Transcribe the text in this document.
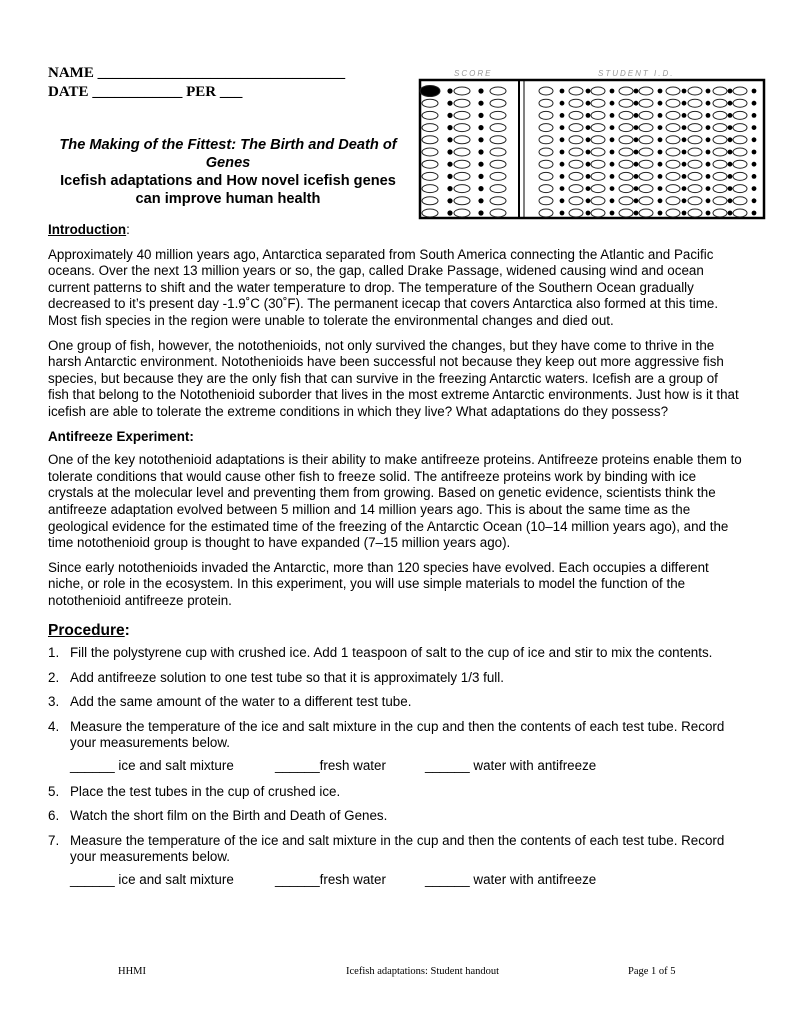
NAME _________________________________
DATE ____________ PER ___
The Making of the Fittest: The Birth and Death of Genes
Icefish adaptations and How novel icefish genes can improve human health
SCORE	STUDENT I.D.

Introduction:

Approximately 40 million years ago, Antarctica separated from South America connecting the Atlantic and Pacific oceans. Over the next 13 million years or so, the gap, called Drake Passage, widened causing wind and ocean current patterns to shift and the water temperature to drop. The temperature of the Southern Ocean gradually decreased to it’s present day -1.9˚C (30˚F). The permanent icecap that covers Antarctica also formed at this time. Most fish species in the region were unable to tolerate the environmental changes and died out.

One group of fish, however, the notothenioids, not only survived the changes, but they have come to thrive in the harsh Antarctic environment. Notothenioids have been successful not because they keep out more aggressive fish species, but because they are the only fish that can survive in the freezing Antarctic waters. Icefish are a group of fish that belong to the Notothenioid suborder that lives in the most extreme Antarctic environments. Just how is it that icefish are able to tolerate the extreme conditions in which they live? What adaptations do they possess?

Antifreeze Experiment:

One of the key notothenioid adaptations is their ability to make antifreeze proteins. Antifreeze proteins enable them to tolerate conditions that would cause other fish to freeze solid. The antifreeze proteins work by binding with ice crystals at the molecular level and preventing them from growing. Based on genetic evidence, scientists think the antifreeze adaptation evolved between 5 million and 14 million years ago. This is about the same time as the geological evidence for the estimated time of the freezing of the Antarctic Ocean (10–14 million years ago), and the time notothenioid group is thought to have expanded (7–15 million years ago).

Since early notothenioids invaded the Antarctic, more than 120 species have evolved. Each occupies a different niche, or role in the ecosystem. In this experiment, you will use simple materials to model the function of the notothenioid antifreeze protein.

Procedure:
1. Fill the polystyrene cup with crushed ice. Add 1 teaspoon of salt to the cup of ice and stir to mix the contents.
2. Add antifreeze solution to one test tube so that it is approximately 1/3 full.
3. Add the same amount of the water to a different test tube.
4. Measure the temperature of the ice and salt mixture in the cup and then the contents of each test tube. Record your measurements below.
______ ice and salt mixture	______fresh water	______ water with antifreeze
5. Place the test tubes in the cup of crushed ice.
6. Watch the short film on the Birth and Death of Genes.
7. Measure the temperature of the ice and salt mixture in the cup and then the contents of each test tube. Record your measurements below.
______ ice and salt mixture	______fresh water	______ water with antifreeze
HHMI	Icefish adaptations: Student handout	Page 1 of 5
